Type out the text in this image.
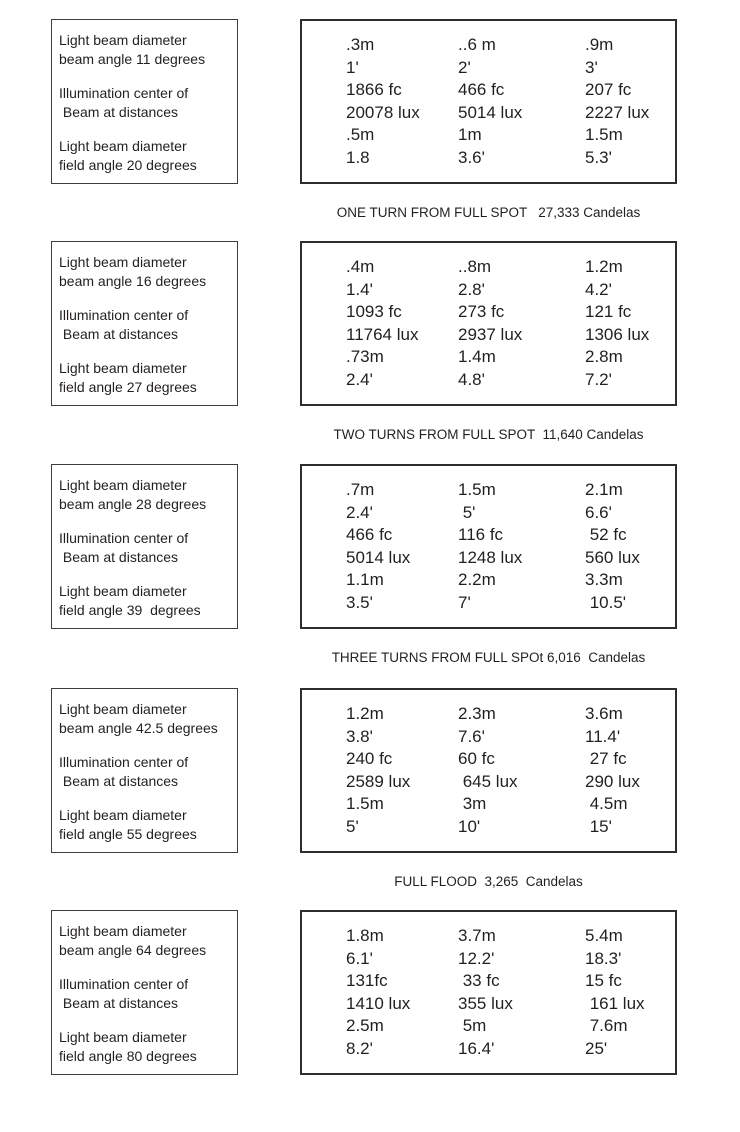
Light beam diameter
beam angle 11 degrees

Illumination center of
Beam at distances

Light beam diameter
field angle 20 degrees

.3m
1'
1866 fc
20078 lux
.5m
1.8
..6 m
2'
466 fc
5014 lux
1m
3.6'
.9m
3'
207 fc
2227 lux
1.5m
5.3'
ONE TURN FROM FULL SPOT   27,333 Candelas

Light beam diameter
beam angle 16 degrees

Illumination center of
Beam at distances

Light beam diameter
field angle 27 degrees

.4m
1.4'
1093 fc
11764 lux
.73m
2.4'
..8m
2.8'
273 fc
2937 lux
1.4m
4.8'
1.2m
4.2'
121 fc
1306 lux
2.8m
7.2'
TWO TURNS FROM FULL SPOT  11,640 Candelas

Light beam diameter
beam angle 28 degrees

Illumination center of
Beam at distances

Light beam diameter
field angle 39  degrees

.7m
2.4'
466 fc
5014 lux
1.1m
3.5'
1.5m
5'
116 fc
1248 lux
2.2m
7'
2.1m
6.6'
52 fc
560 lux
3.3m
10.5'
THREE TURNS FROM FULL SPOt 6,016  Candelas

Light beam diameter
beam angle 42.5 degrees

Illumination center of
Beam at distances

Light beam diameter
field angle 55 degrees

1.2m
3.8'
240 fc
2589 lux
1.5m
5'
2.3m
7.6'
60 fc
645 lux
3m
10'
3.6m
11.4'
27 fc
290 lux
4.5m
15'
FULL FLOOD  3,265  Candelas

Light beam diameter
beam angle 64 degrees

Illumination center of
Beam at distances

Light beam diameter
field angle 80 degrees

1.8m
6.1'
131fc
1410 lux
2.5m
8.2'
3.7m
12.2'
33 fc
355 lux
5m
16.4'
5.4m
18.3'
15 fc
161 lux
7.6m
25'
